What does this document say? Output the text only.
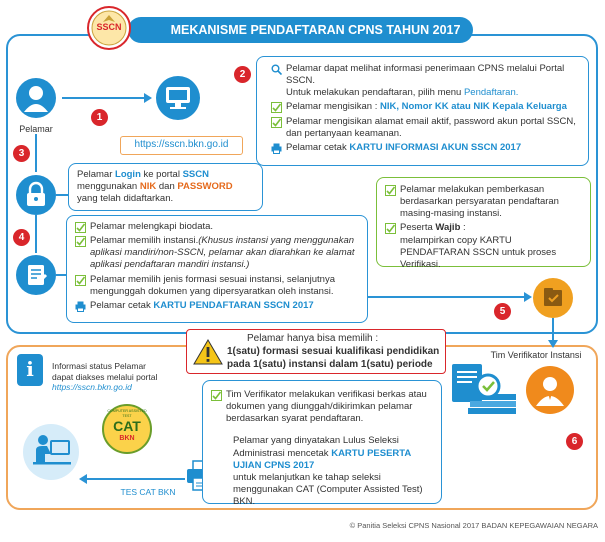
MEKANISME PENDAFTARAN CPNS TAHUN 2017
SSCN
Pelamar
1
https://sscn.bkn.go.id
2
Pelamar dapat melihat informasi penerimaan CPNS melalui Portal SSCN.
Untuk melakukan pendaftaran, pilih menu Pendaftaran.
Pelamar mengisikan : NIK, Nomor KK atau NIK Kepala Keluarga
Pelamar mengisikan alamat email aktif, password akun portal SSCN, dan pertanyaan keamanan.
Pelamar cetak KARTU INFORMASI AKUN SSCN 2017
3
Pelamar Login ke portal SSCN
menggunakan NIK dan PASSWORD
yang telah didaftarkan.
4
Pelamar melengkapi biodata.
Pelamar memilih instansi.(Khusus instansi yang menggunakan aplikasi mandiri/non-SSCN, pelamar akan diarahkan ke alamat aplikasi pendaftaran mandiri instansi.)
Pelamar memilih jenis formasi sesuai instansi, selanjutnya mengunggah dokumen yang dipersyaratkan oleh instansi.
Pelamar cetak KARTU PENDAFTARAN SSCN 2017
Pelamar melakukan pemberkasan berdasarkan persyaratan pendaftaran masing-masing instansi.
Peserta Wajib :
melampirkan copy KARTU PENDAFTARAN SSCN untuk proses Verifikasi.
5
Pelamar hanya bisa memilih :
1(satu) formasi sesuai kualifikasi pendidikan
pada 1(satu) instansi dalam 1(satu) periode
Tim Verifikator Instansi
6
i	Informasi status Pelamar
dapat diakses melalui portal
https://sscn.bkn.go.id
CAT
BKN
COMPUTER ASSISTED TEST
TES CAT BKN
Tim Verifikator melakukan verifikasi berkas atau dokumen yang diunggah/dikirimkan pelamar berdasarkan syarat pendaftaran.
Pelamar yang dinyatakan Lulus Seleksi Administrasi mencetak KARTU PESERTA UJIAN CPNS 2017
untuk melanjutkan ke tahap seleksi menggunakan CAT (Computer Assisted Test) BKN.
© Panitia Seleksi CPNS Nasional 2017 BADAN KEPEGAWAIAN NEGARA
